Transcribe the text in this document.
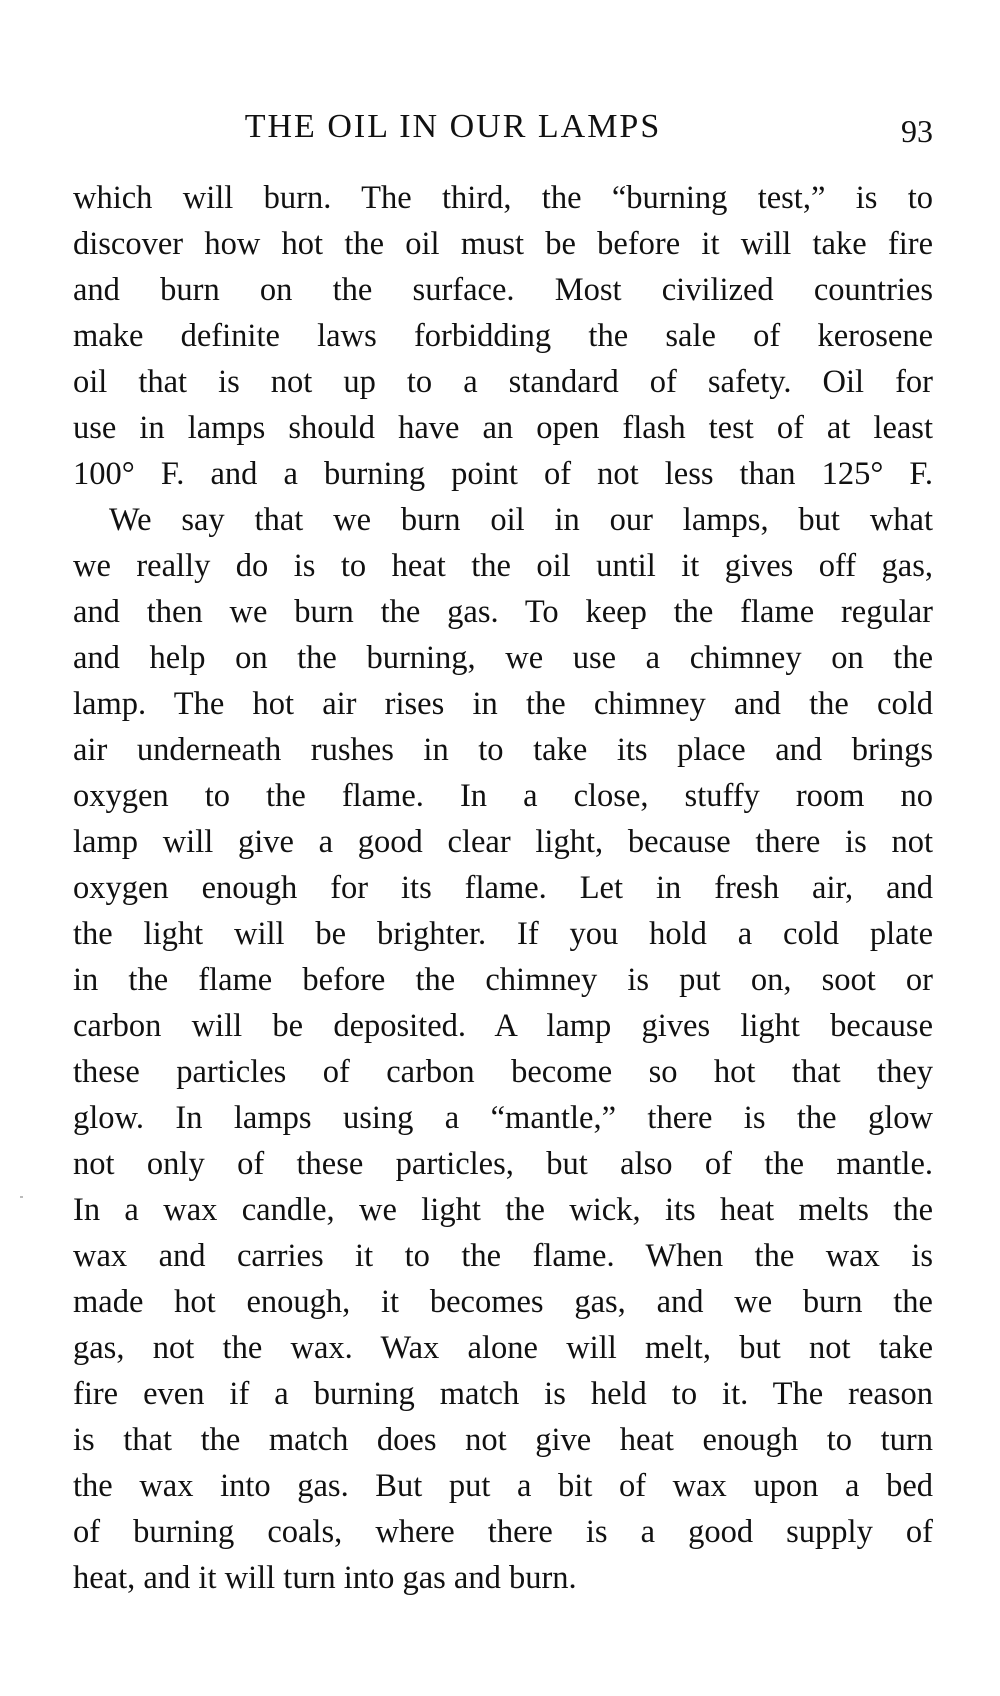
THE OIL IN OUR LAMPS	93
which will burn. The third, the “burning test,” is to
discover how hot the oil must be before it will take fire
and burn on the surface. Most civilized countries
make definite laws forbidding the sale of kerosene
oil that is not up to a standard of safety. Oil for
use in lamps should have an open flash test of at least
100° F. and a burning point of not less than 125° F.
We say that we burn oil in our lamps, but what
we really do is to heat the oil until it gives off gas,
and then we burn the gas. To keep the flame regular
and help on the burning, we use a chimney on the
lamp. The hot air rises in the chimney and the cold
air underneath rushes in to take its place and brings
oxygen to the flame. In a close, stuffy room no
lamp will give a good clear light, because there is not
oxygen enough for its flame. Let in fresh air, and
the light will be brighter. If you hold a cold plate
in the flame before the chimney is put on, soot or
carbon will be deposited. A lamp gives light because
these particles of carbon become so hot that they
glow. In lamps using a “mantle,” there is the glow
not only of these particles, but also of the mantle.
In a wax candle, we light the wick, its heat melts the
wax and carries it to the flame. When the wax is
made hot enough, it becomes gas, and we burn the
gas, not the wax. Wax alone will melt, but not take
fire even if a burning match is held to it. The reason
is that the match does not give heat enough to turn
the wax into gas. But put a bit of wax upon a bed
of burning coals, where there is a good supply of
heat, and it will turn into gas and burn.
